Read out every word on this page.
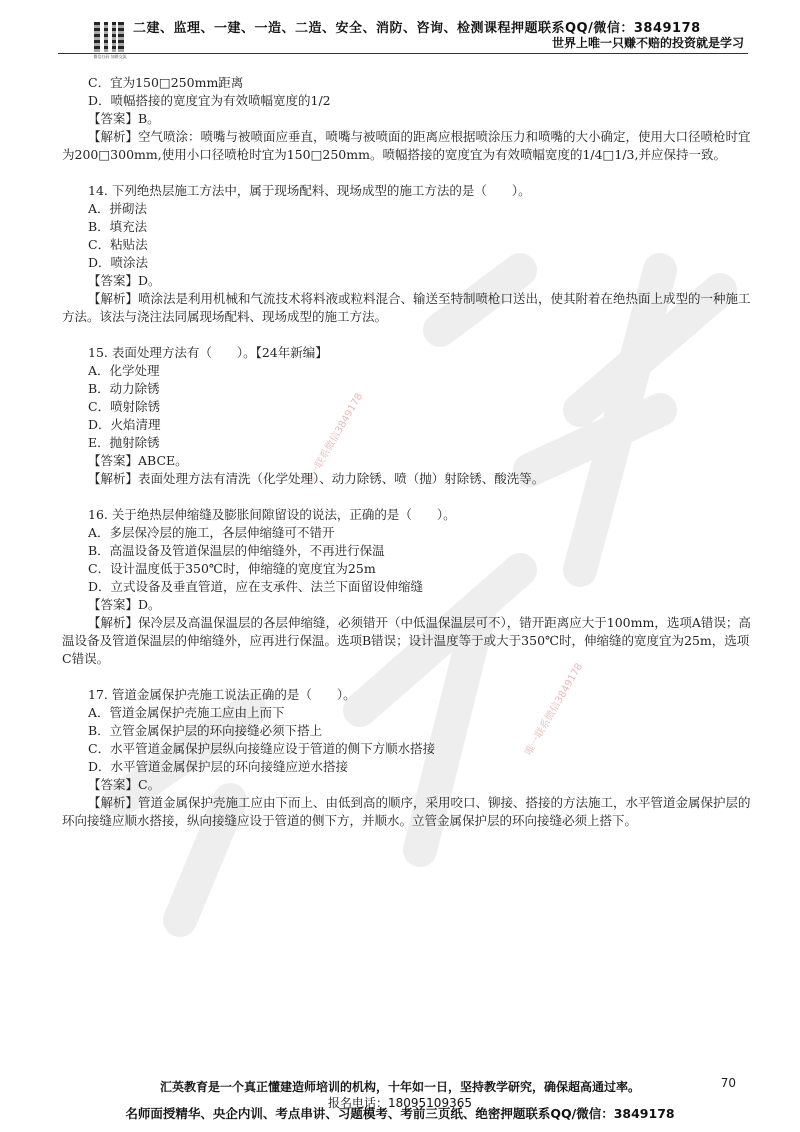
微信扫码 加群交流
二建、监理、一建、一造、二造、安全、消防、咨询、检测课程押题联系QQ/微信：3849178
世界上唯一只赚不赔的投资就是学习
唯一联系微信3849178
唯一联系微信3849178

C．宜为150□250mm距离

D．喷幅搭接的宽度宜为有效喷幅宽度的1/2

【答案】B。

【解析】空气喷涂：喷嘴与被喷面应垂直，喷嘴与被喷面的距离应根据喷涂压力和喷嘴的大小确定，使用大口径喷枪时宜为200□300mm,使用小口径喷枪时宜为150□250mm。喷幅搭接的宽度宜为有效喷幅宽度的1/4□1/3,并应保持一致。

14. 下列绝热层施工方法中，属于现场配料、现场成型的施工方法的是（　　）。

A．拼砌法

B．填充法

C．粘贴法

D．喷涂法

【答案】D。

【解析】喷涂法是利用机械和气流技术将料液或粒料混合、输送至特制喷枪口送出，使其附着在绝热面上成型的一种施工方法。该法与浇注法同属现场配料、现场成型的施工方法。

15. 表面处理方法有（　　）。【24年新编】

A．化学处理

B．动力除锈

C．喷射除锈

D．火焰清理

E．抛射除锈

【答案】ABCE。

【解析】表面处理方法有清洗（化学处理）、动力除锈、喷（抛）射除锈、酸洗等。

16. 关于绝热层伸缩缝及膨胀间隙留设的说法，正确的是（　　）。

A．多层保冷层的施工，各层伸缩缝可不错开

B．高温设备及管道保温层的伸缩缝外，不再进行保温

C．设计温度低于350℃时，伸缩缝的宽度宜为25m

D．立式设备及垂直管道，应在支承件、法兰下面留设伸缩缝

【答案】D。

【解析】保冷层及高温保温层的各层伸缩缝，必须错开（中低温保温层可不），错开距离应大于100mm，选项A错误；高温设备及管道保温层的伸缩缝外，应再进行保温。选项B错误；设计温度等于或大于350℃时，伸缩缝的宽度宜为25m，选项C错误。

17. 管道金属保护壳施工说法正确的是（　　）。

A．管道金属保护壳施工应由上而下

B．立管金属保护层的环向接缝必须下搭上

C．水平管道金属保护层纵向接缝应设于管道的侧下方顺水搭接

D．水平管道金属保护层的环向接缝应逆水搭接

【答案】C。

【解析】管道金属保护壳施工应由下而上、由低到高的顺序，采用咬口、铆接、搭接的方法施工，水平管道金属保护层的环向接缝应顺水搭接，纵向接缝应设于管道的侧下方，并顺水。立管金属保护层的环向接缝必须上搭下。

汇英教育是一个真正懂建造师培训的机构，十年如一日，坚持教学研究，确保超高通过率。	70
报名电话：18095109365
名师面授精华、央企内训、考点串讲、习题模考、考前三页纸、绝密押题联系QQ/微信：3849178
